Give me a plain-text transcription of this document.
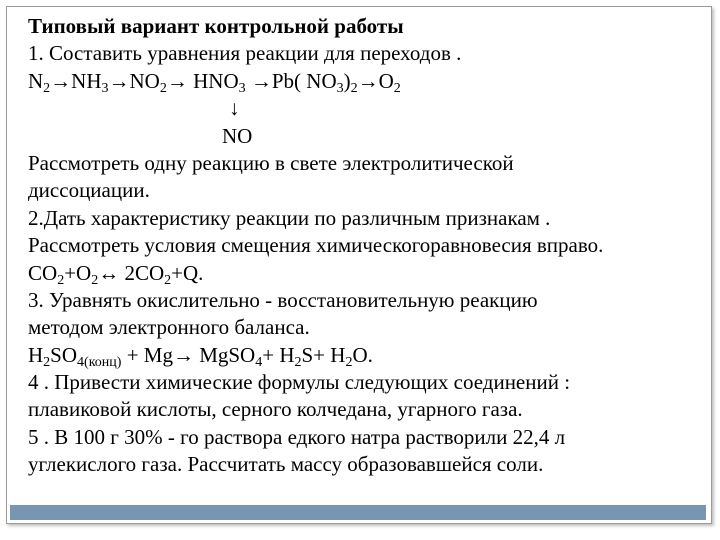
Типовый вариант контрольной работы
1. Составить уравнения реакции для переходов .
$N_2\to NH_3\to NO_2\to HNO_3 \to Pb$( $NO_3)_2\to O_2$
↓
NO
Рассмотреть одну реакцию в свете электролитической
диссоциации.
2.Дать характеристику реакции по различным признакам .
Рассмотреть условия смещения химическогоравновесия вправо.
$CO_2+O_2\leftrightarrow$ $2CO_2+Q$.
3. Уравнять окислительно - восстановительную реакцию
методом электронного баланса.
$H_2SO_{4(конц)} + Mg\to$ MgSO$_4$+ $H_2S+ H_2O$.
4 . Привести химические формулы следующих соединений :
плавиковой кислоты, серного колчедана, угарного газа.
5 . В 100 г 30% - го раствора едкого натра растворили 22,4 л
углекислого газа. Рассчитать массу образовавшейся соли.
